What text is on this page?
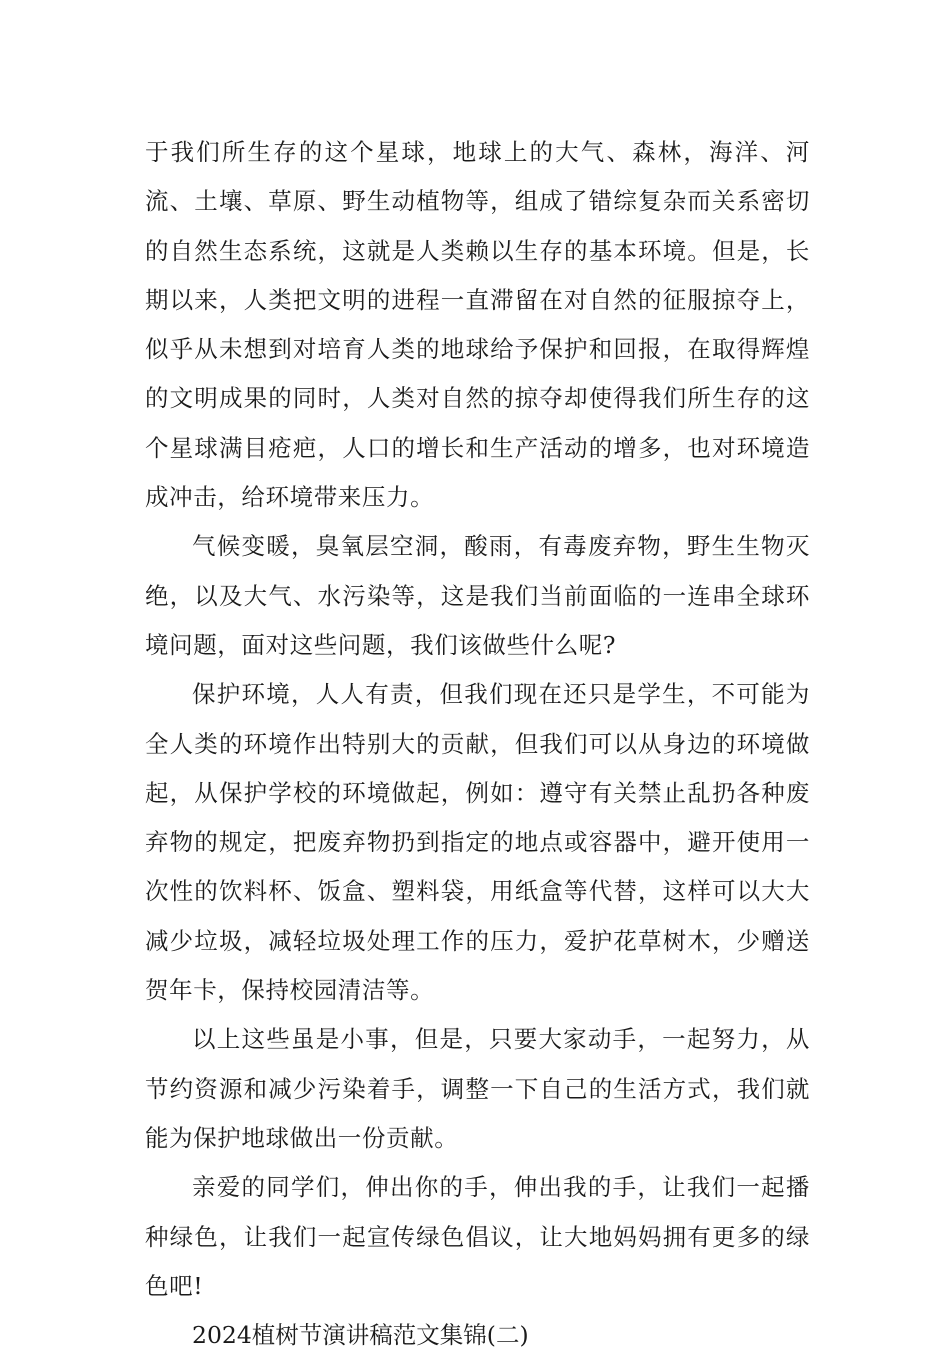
于我们所生存的这个星球，地球上的大气、森林，海洋、河流、土壤、草原、野生动植物等，组成了错综复杂而关系密切的自然生态系统，这就是人类赖以生存的基本环境。但是，长期以来，人类把文明的进程一直滞留在对自然的征服掠夺上，似乎从未想到对培育人类的地球给予保护和回报，在取得辉煌的文明成果的同时，人类对自然的掠夺却使得我们所生存的这个星球满目疮疤，人口的增长和生产活动的增多，也对环境造成冲击，给环境带来压力。

气候变暖，臭氧层空洞，酸雨，有毒废弃物，野生生物灭绝，以及大气、水污染等，这是我们当前面临的一连串全球环境问题，面对这些问题，我们该做些什么呢?

保护环境，人人有责，但我们现在还只是学生，不可能为全人类的环境作出特别大的贡献，但我们可以从身边的环境做起，从保护学校的环境做起，例如：遵守有关禁止乱扔各种废弃物的规定，把废弃物扔到指定的地点或容器中，避开使用一次性的饮料杯、饭盒、塑料袋，用纸盒等代替，这样可以大大减少垃圾，减轻垃圾处理工作的压力，爱护花草树木，少赠送贺年卡，保持校园清洁等。

以上这些虽是小事，但是，只要大家动手，一起努力，从节约资源和减少污染着手，调整一下自己的生活方式，我们就能为保护地球做出一份贡献。

亲爱的同学们，伸出你的手，伸出我的手，让我们一起播种绿色，让我们一起宣传绿色倡议，让大地妈妈拥有更多的绿色吧!

2024植树节演讲稿范文集锦(二)
